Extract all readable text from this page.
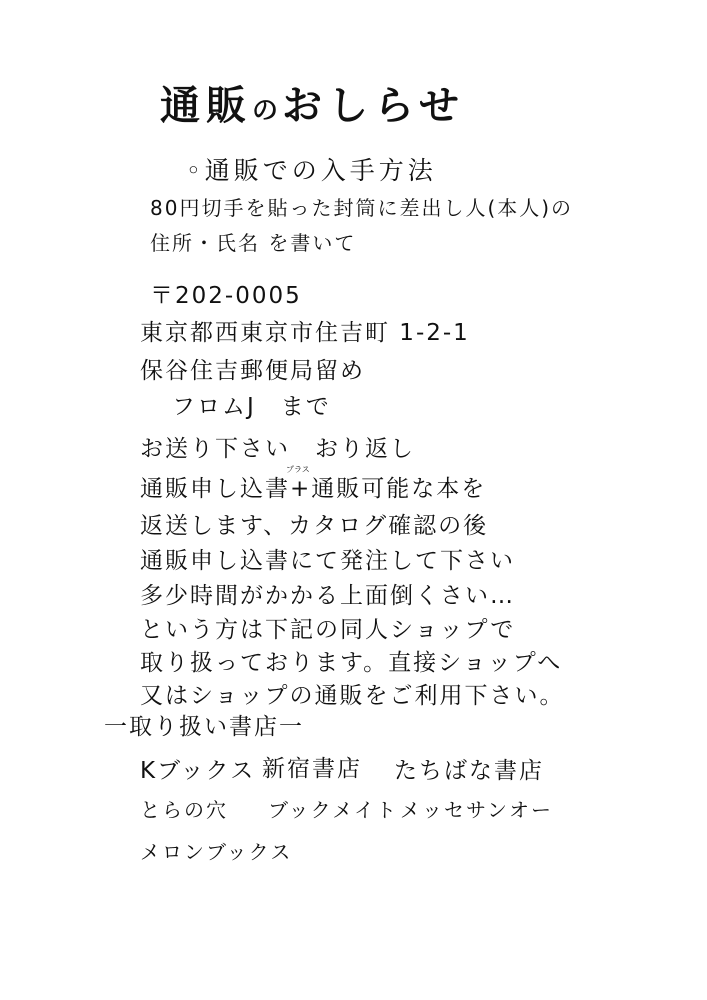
通販のおしらせ
◦通販での入手方法
80円切手を貼った封筒に差出し人(本人)の
住所・氏名 を書いて
〒202-0005
東京都西東京市住吉町 1-2-1
保谷住吉郵便局留め
フロムJ　まで
お送り下さい　おり返し
通販申し込書
プラス
+通販可能な本を
返送します、カタログ確認の後
通販申し込書にて発注して下さい
多少時間がかかる上面倒くさい…
という方は下記の同人ショップで
取り扱っております。直接ショップへ
又はショップの通販をご利用下さい。
一取り扱い書店一
Kブックス 新宿書店 たちばな書店
とらの穴 ブックメイト メッセサンオー
メロンブックス
